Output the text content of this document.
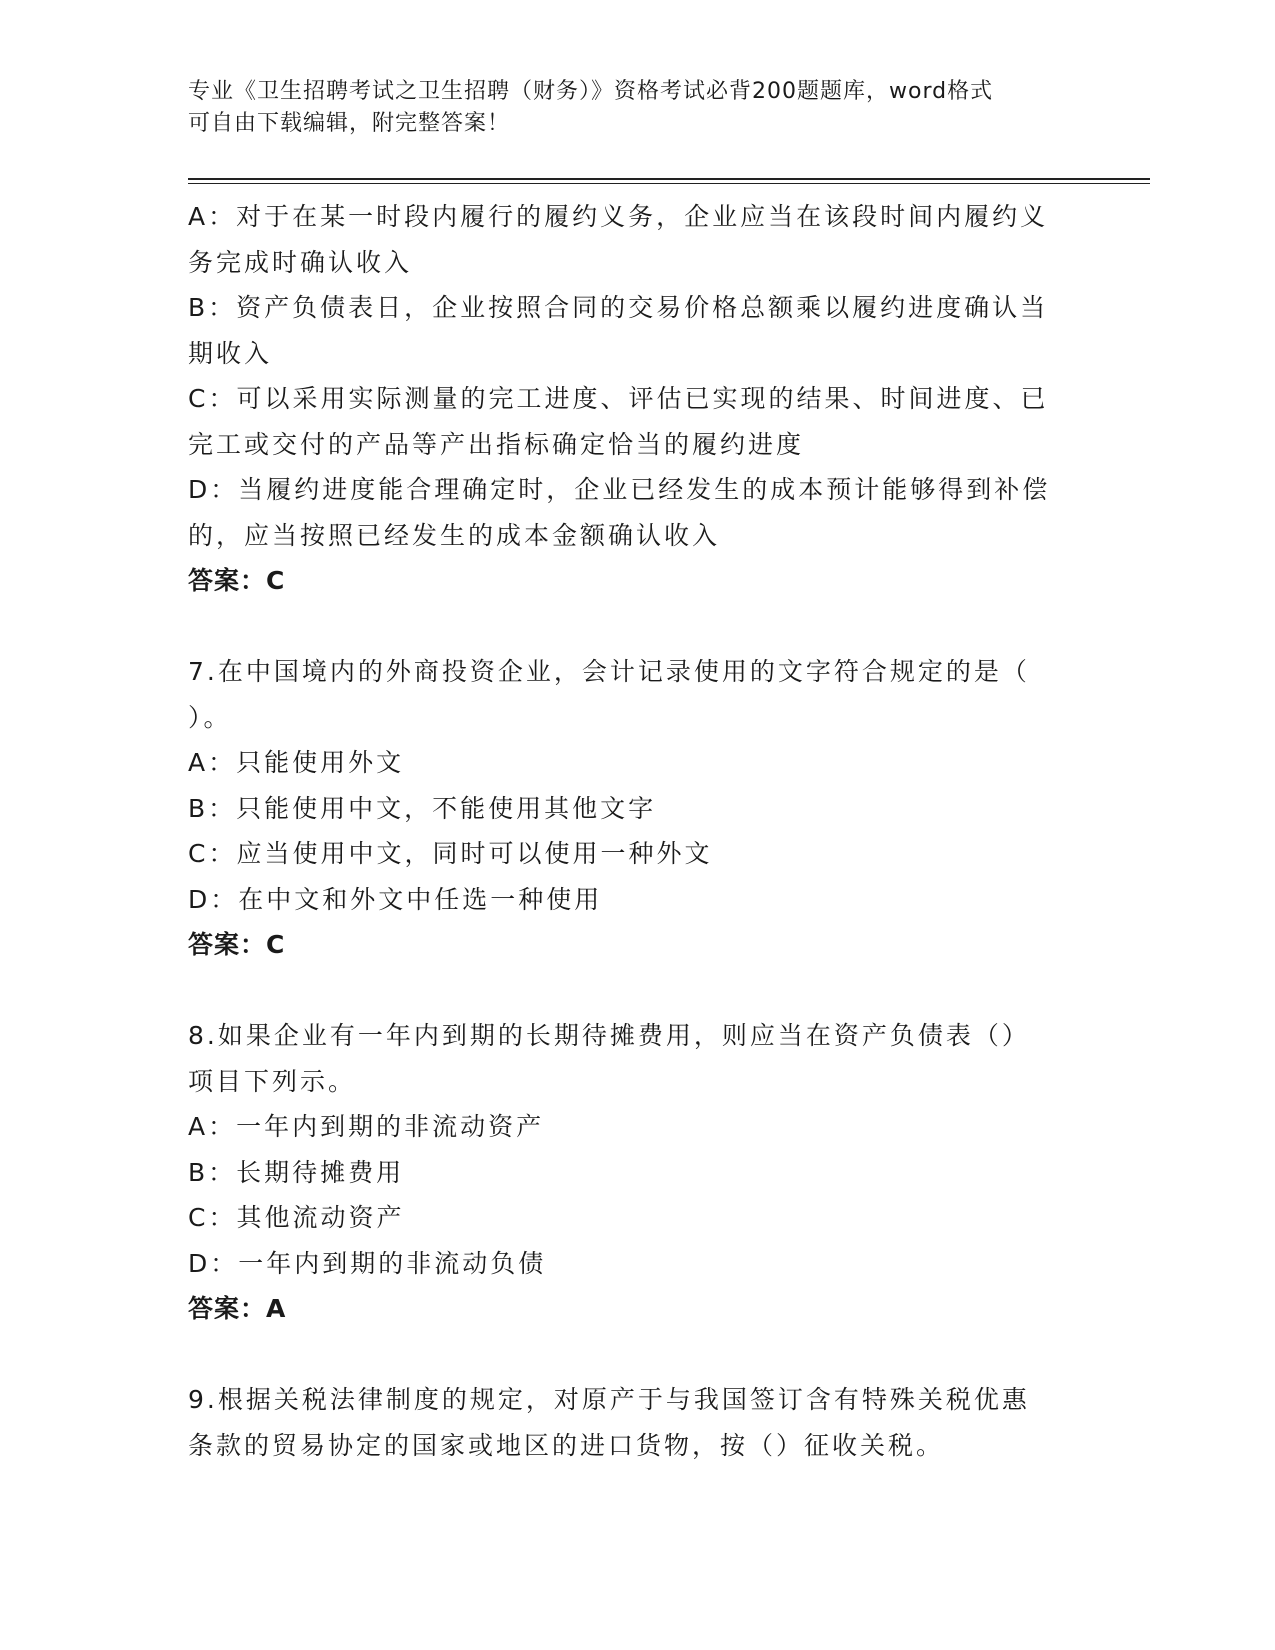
专业《卫生招聘考试之卫生招聘（财务）》资格考试必背200题题库，word格式
可自由下载编辑，附完整答案！
A：对于在某一时段内履行的履约义务，企业应当在该段时间内履约义
务完成时确认收入
B：资产负债表日，企业按照合同的交易价格总额乘以履约进度确认当
期收入
C：可以采用实际测量的完工进度、评估已实现的结果、时间进度、已
完工或交付的产品等产出指标确定恰当的履约进度
D：当履约进度能合理确定时，企业已经发生的成本预计能够得到补偿
的，应当按照已经发生的成本金额确认收入
答案：C
7.在中国境内的外商投资企业，会计记录使用的文字符合规定的是（
）。
A：只能使用外文
B：只能使用中文，不能使用其他文字
C：应当使用中文，同时可以使用一种外文
D：在中文和外文中任选一种使用
答案：C
8.如果企业有一年内到期的长期待摊费用，则应当在资产负债表（）
项目下列示。
A：一年内到期的非流动资产
B：长期待摊费用
C：其他流动资产
D：一年内到期的非流动负债
答案：A
9.根据关税法律制度的规定，对原产于与我国签订含有特殊关税优惠
条款的贸易协定的国家或地区的进口货物，按（）征收关税。
